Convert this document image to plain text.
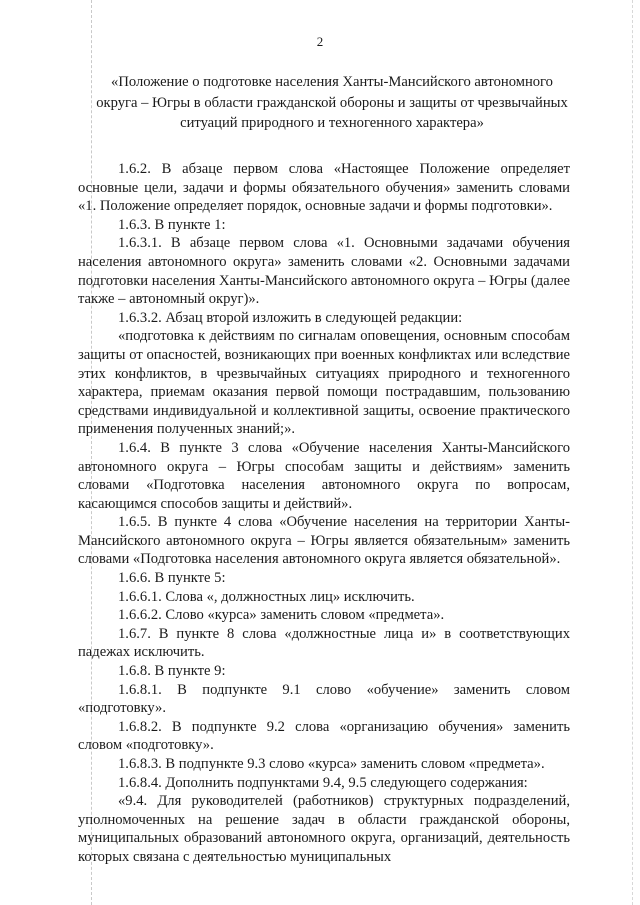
2

«Положение о подготовке населения Ханты-Мансийского автономного округа – Югры в области гражданской обороны и защиты от чрезвычайных ситуаций природного и техногенного характера»

1.6.2. В абзаце первом слова «Настоящее Положение определяет основные цели, задачи и формы обязательного обучения» заменить словами «1. Положение определяет порядок, основные задачи и формы подготовки».

1.6.3. В пункте 1:

1.6.3.1. В абзаце первом слова «1. Основными задачами обучения населения автономного округа» заменить словами «2. Основными задачами подготовки населения Ханты-Мансийского автономного округа – Югры (далее также – автономный округ)».

1.6.3.2. Абзац второй изложить в следующей редакции:

«подготовка к действиям по сигналам оповещения, основным способам защиты от опасностей, возникающих при военных конфликтах или вследствие этих конфликтов, в чрезвычайных ситуациях природного и техногенного характера, приемам оказания первой помощи пострадавшим, пользованию средствами индивидуальной и коллективной защиты, освоение практического применения полученных знаний;».

1.6.4. В пункте 3 слова «Обучение населения Ханты-Мансийского автономного округа – Югры способам защиты и действиям» заменить словами «Подготовка населения автономного округа по вопросам, касающимся способов защиты и действий».

1.6.5. В пункте 4 слова «Обучение населения на территории Ханты-Мансийского автономного округа – Югры является обязательным» заменить словами «Подготовка населения автономного округа является обязательной».

1.6.6. В пункте 5:

1.6.6.1. Слова «, должностных лиц» исключить.

1.6.6.2. Слово «курса» заменить словом «предмета».

1.6.7. В пункте 8 слова «должностные лица и» в соответствующих падежах исключить.

1.6.8. В пункте 9:

1.6.8.1. В подпункте 9.1 слово «обучение» заменить словом «подготовку».

1.6.8.2. В подпункте 9.2 слова «организацию обучения» заменить словом «подготовку».

1.6.8.3. В подпункте 9.3 слово «курса» заменить словом «предмета».

1.6.8.4. Дополнить подпунктами 9.4, 9.5 следующего содержания:

«9.4. Для руководителей (работников) структурных подразделений, уполномоченных на решение задач в области гражданской обороны, муниципальных образований автономного округа, организаций, деятельность которых связана с деятельностью муниципальных
